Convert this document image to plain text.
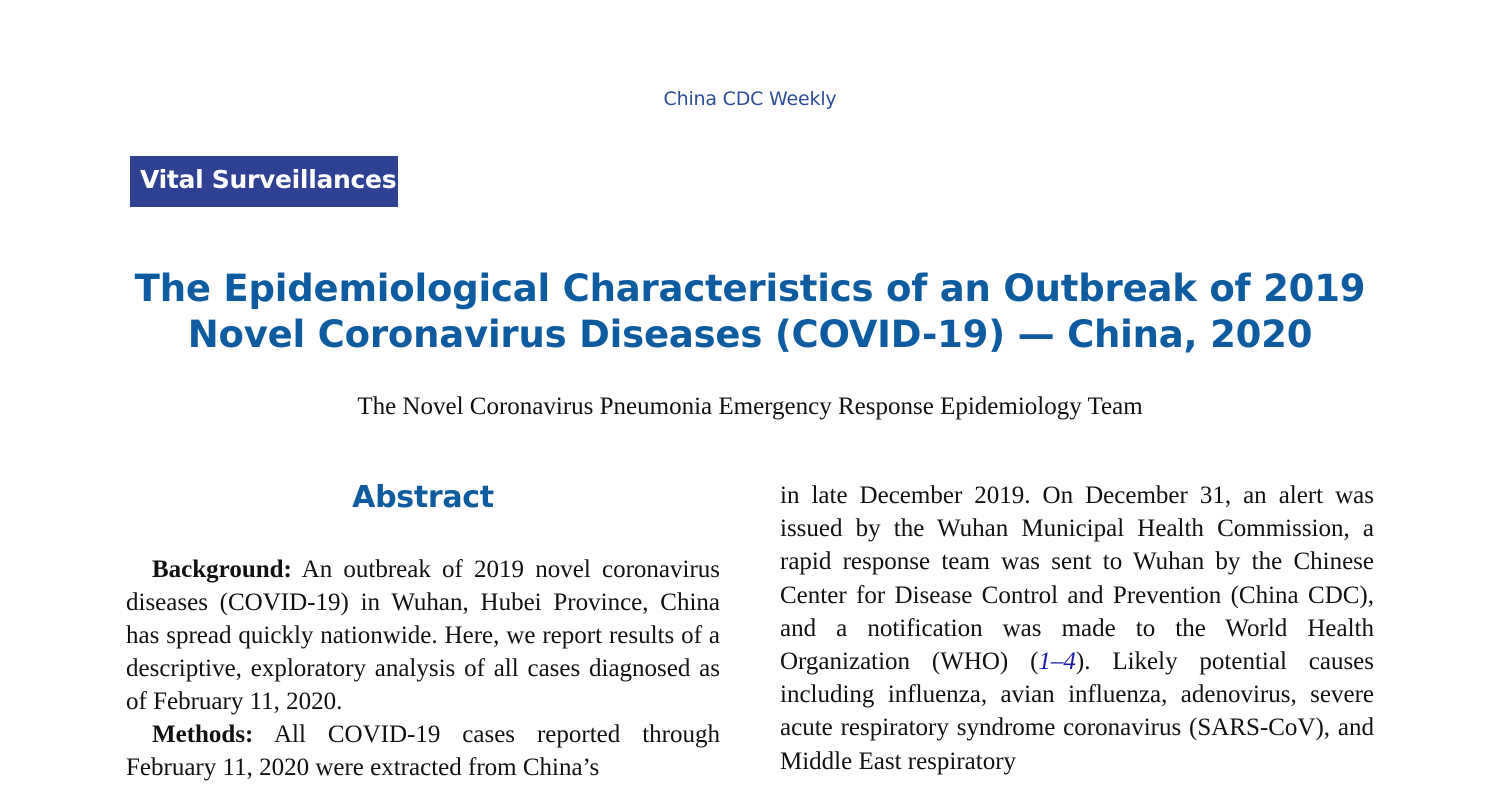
China CDC Weekly
Vital Surveillances
The Epidemiological Characteristics of an Outbreak of 2019 Novel Coronavirus Diseases (COVID-19) — China, 2020
The Novel Coronavirus Pneumonia Emergency Response Epidemiology Team
Abstract

Background: An outbreak of 2019 novel coronavirus diseases (COVID-19) in Wuhan, Hubei Province, China has spread quickly nationwide. Here, we report results of a descriptive, exploratory analysis of all cases diagnosed as of February 11, 2020.

Methods: All COVID-19 cases reported through February 11, 2020 were extracted from China’s

in late December 2019. On December 31, an alert was issued by the Wuhan Municipal Health Commission, a rapid response team was sent to Wuhan by the Chinese Center for Disease Control and Prevention (China CDC), and a notification was made to the World Health Organization (WHO) (1–4). Likely potential causes including influenza, avian influenza, adenovirus, severe acute respiratory syndrome coronavirus (SARS-CoV), and Middle East respiratory
